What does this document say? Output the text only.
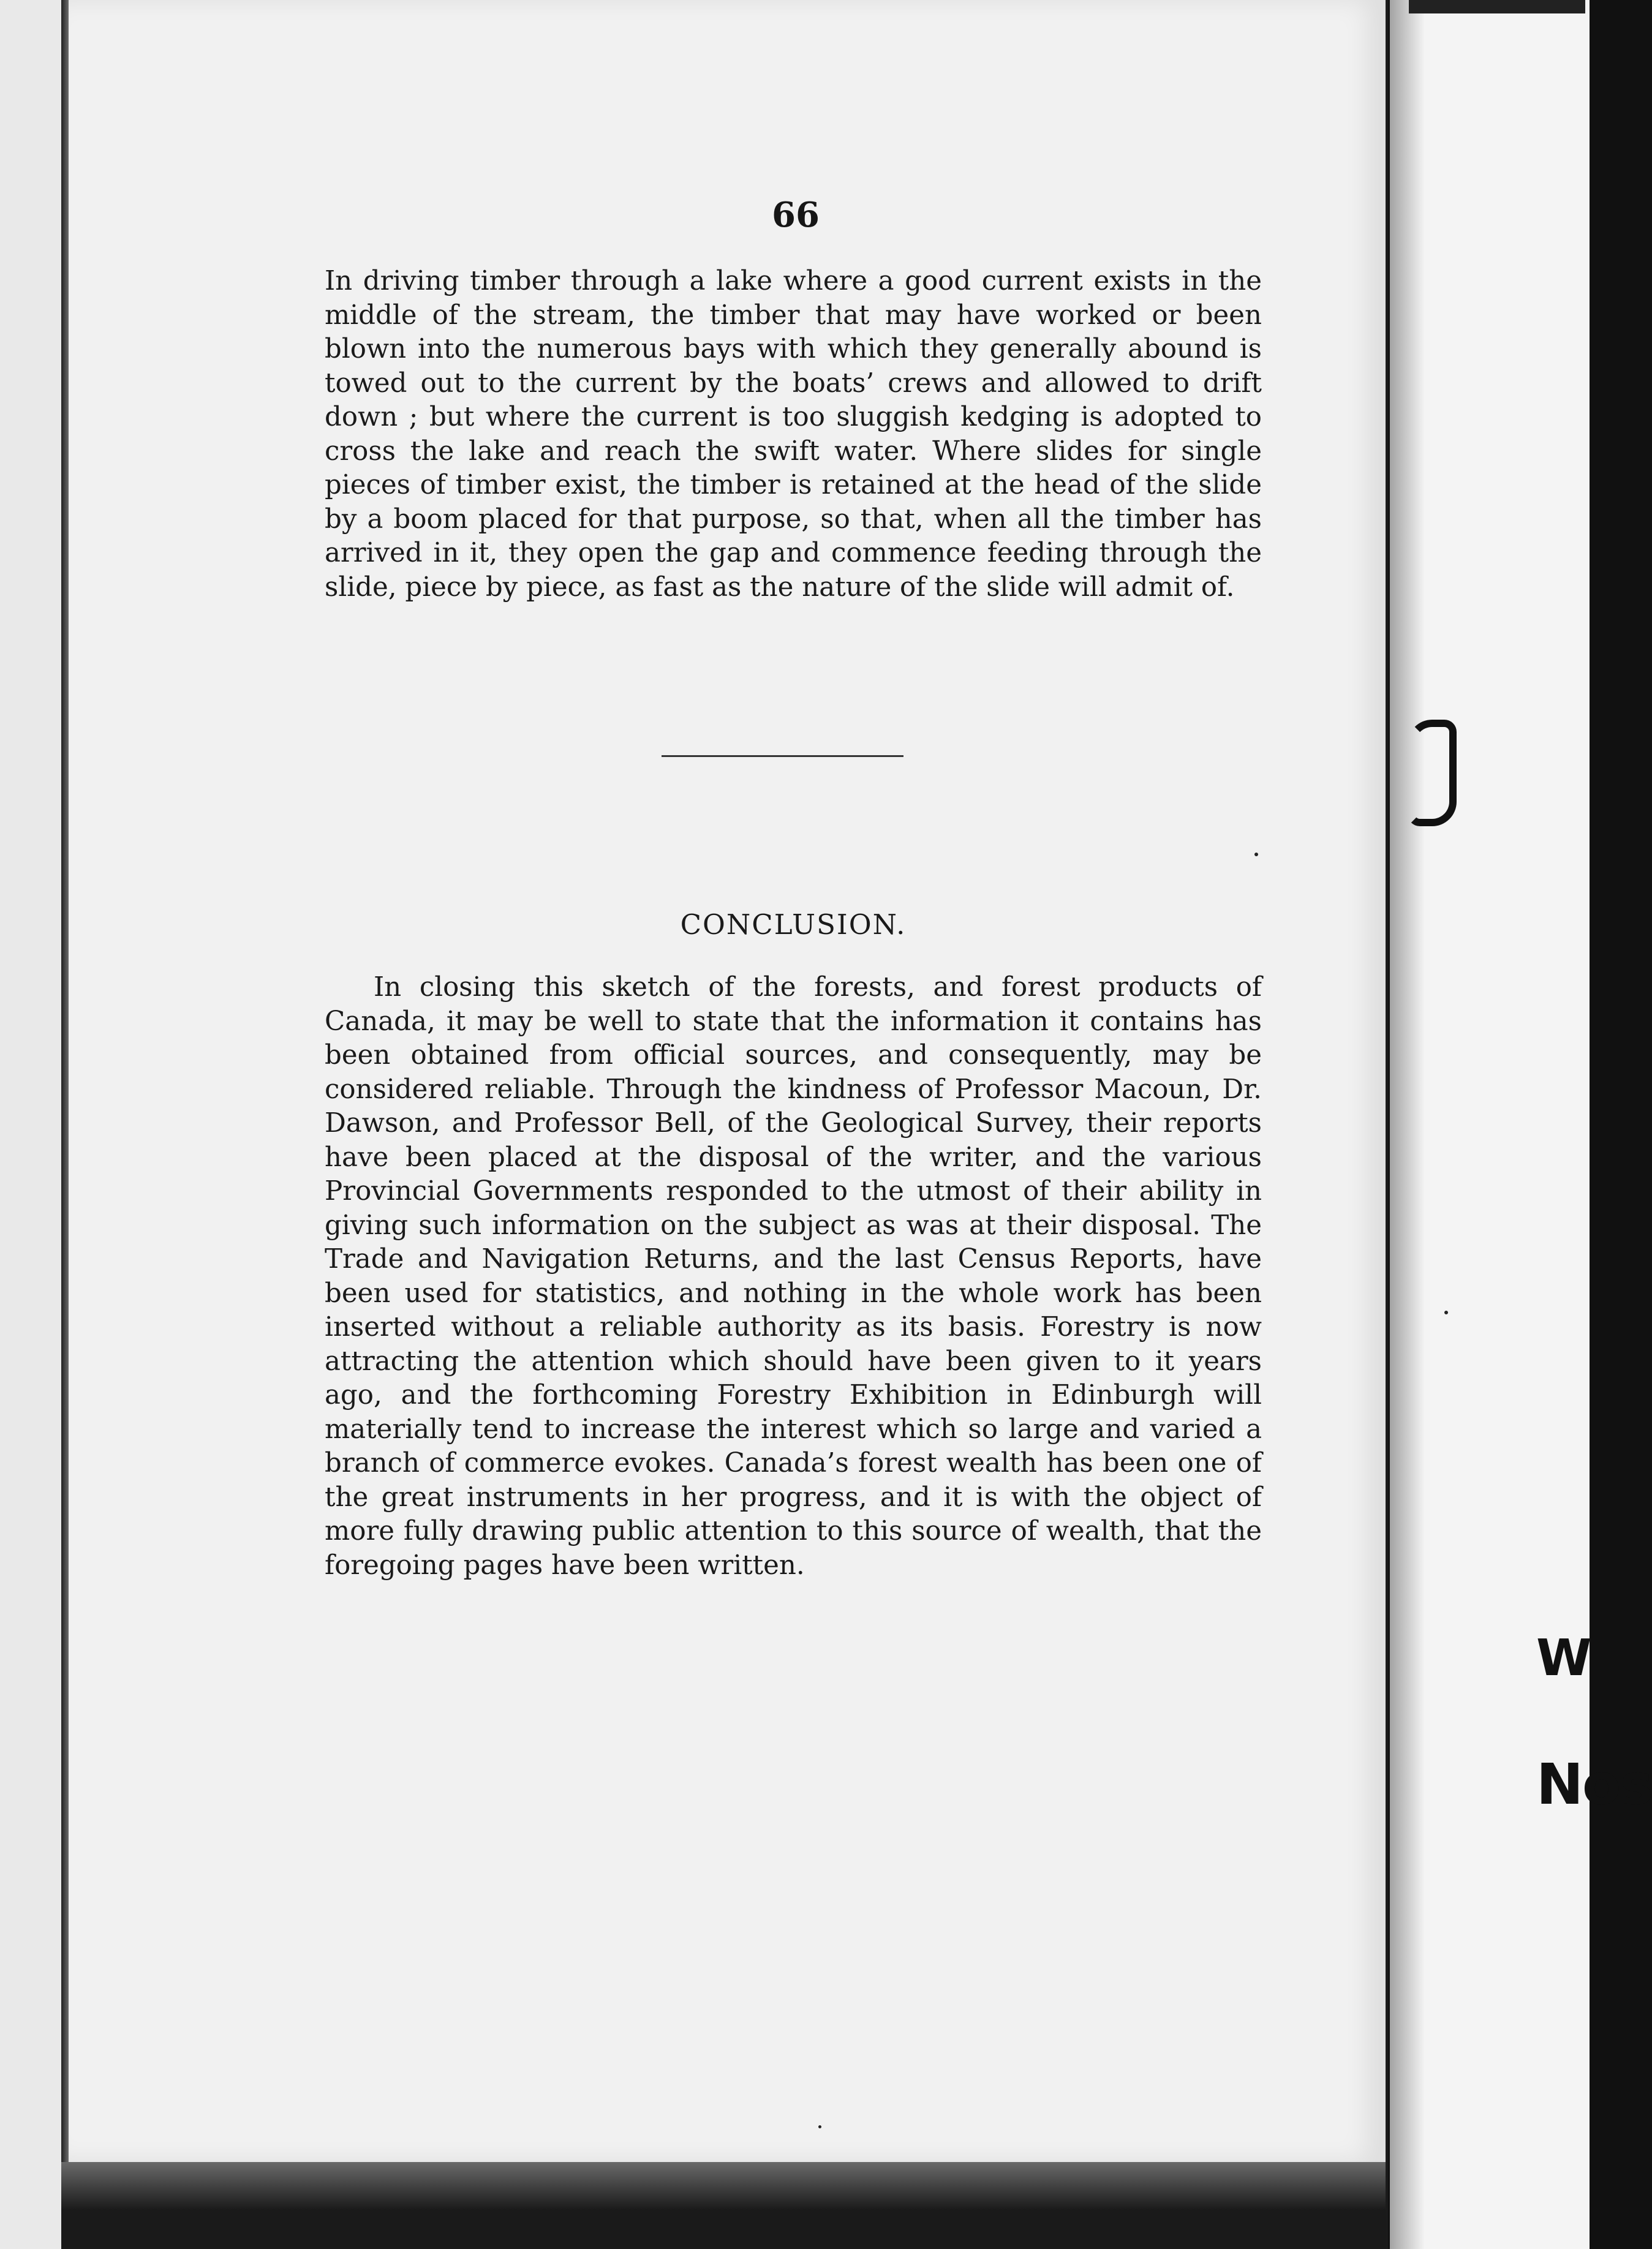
W
Nos
66

In driving timber through a lake where a good current exists in the middle of the stream, the timber that may have worked or been blown into the numerous bays with which they generally abound is towed out to the current by the boats’ crews and allowed to drift down ; but where the current is too sluggish kedging is adopted to cross the lake and reach the swift water. Where slides for single pieces of timber exist, the timber is retained at the head of the slide by a boom placed for that purpose, so that, when all the timber has arrived in it, they open the gap and commence feeding through the slide, piece by piece, as fast as the nature of the slide will admit of.

CONCLUSION.

In closing this sketch of the forests, and forest products of Canada, it may be well to state that the information it contains has been obtained from official sources, and consequently, may be considered reliable. Through the kindness of Professor Macoun, Dr. Dawson, and Professor Bell, of the Geological Survey, their reports have been placed at the disposal of the writer, and the various Provincial Governments responded to the utmost of their ability in giving such information on the subject as was at their disposal. The Trade and Navigation Returns, and the last Census Reports, have been used for statistics, and nothing in the whole work has been inserted without a reliable authority as its basis. Forestry is now attracting the attention which should have been given to it years ago, and the forthcoming Forestry Exhibition in Edinburgh will materially tend to increase the interest which so large and varied a branch of commerce evokes. Canada’s forest wealth has been one of the great instruments in her progress, and it is with the object of more fully drawing public attention to this source of wealth, that the foregoing pages have been written.
